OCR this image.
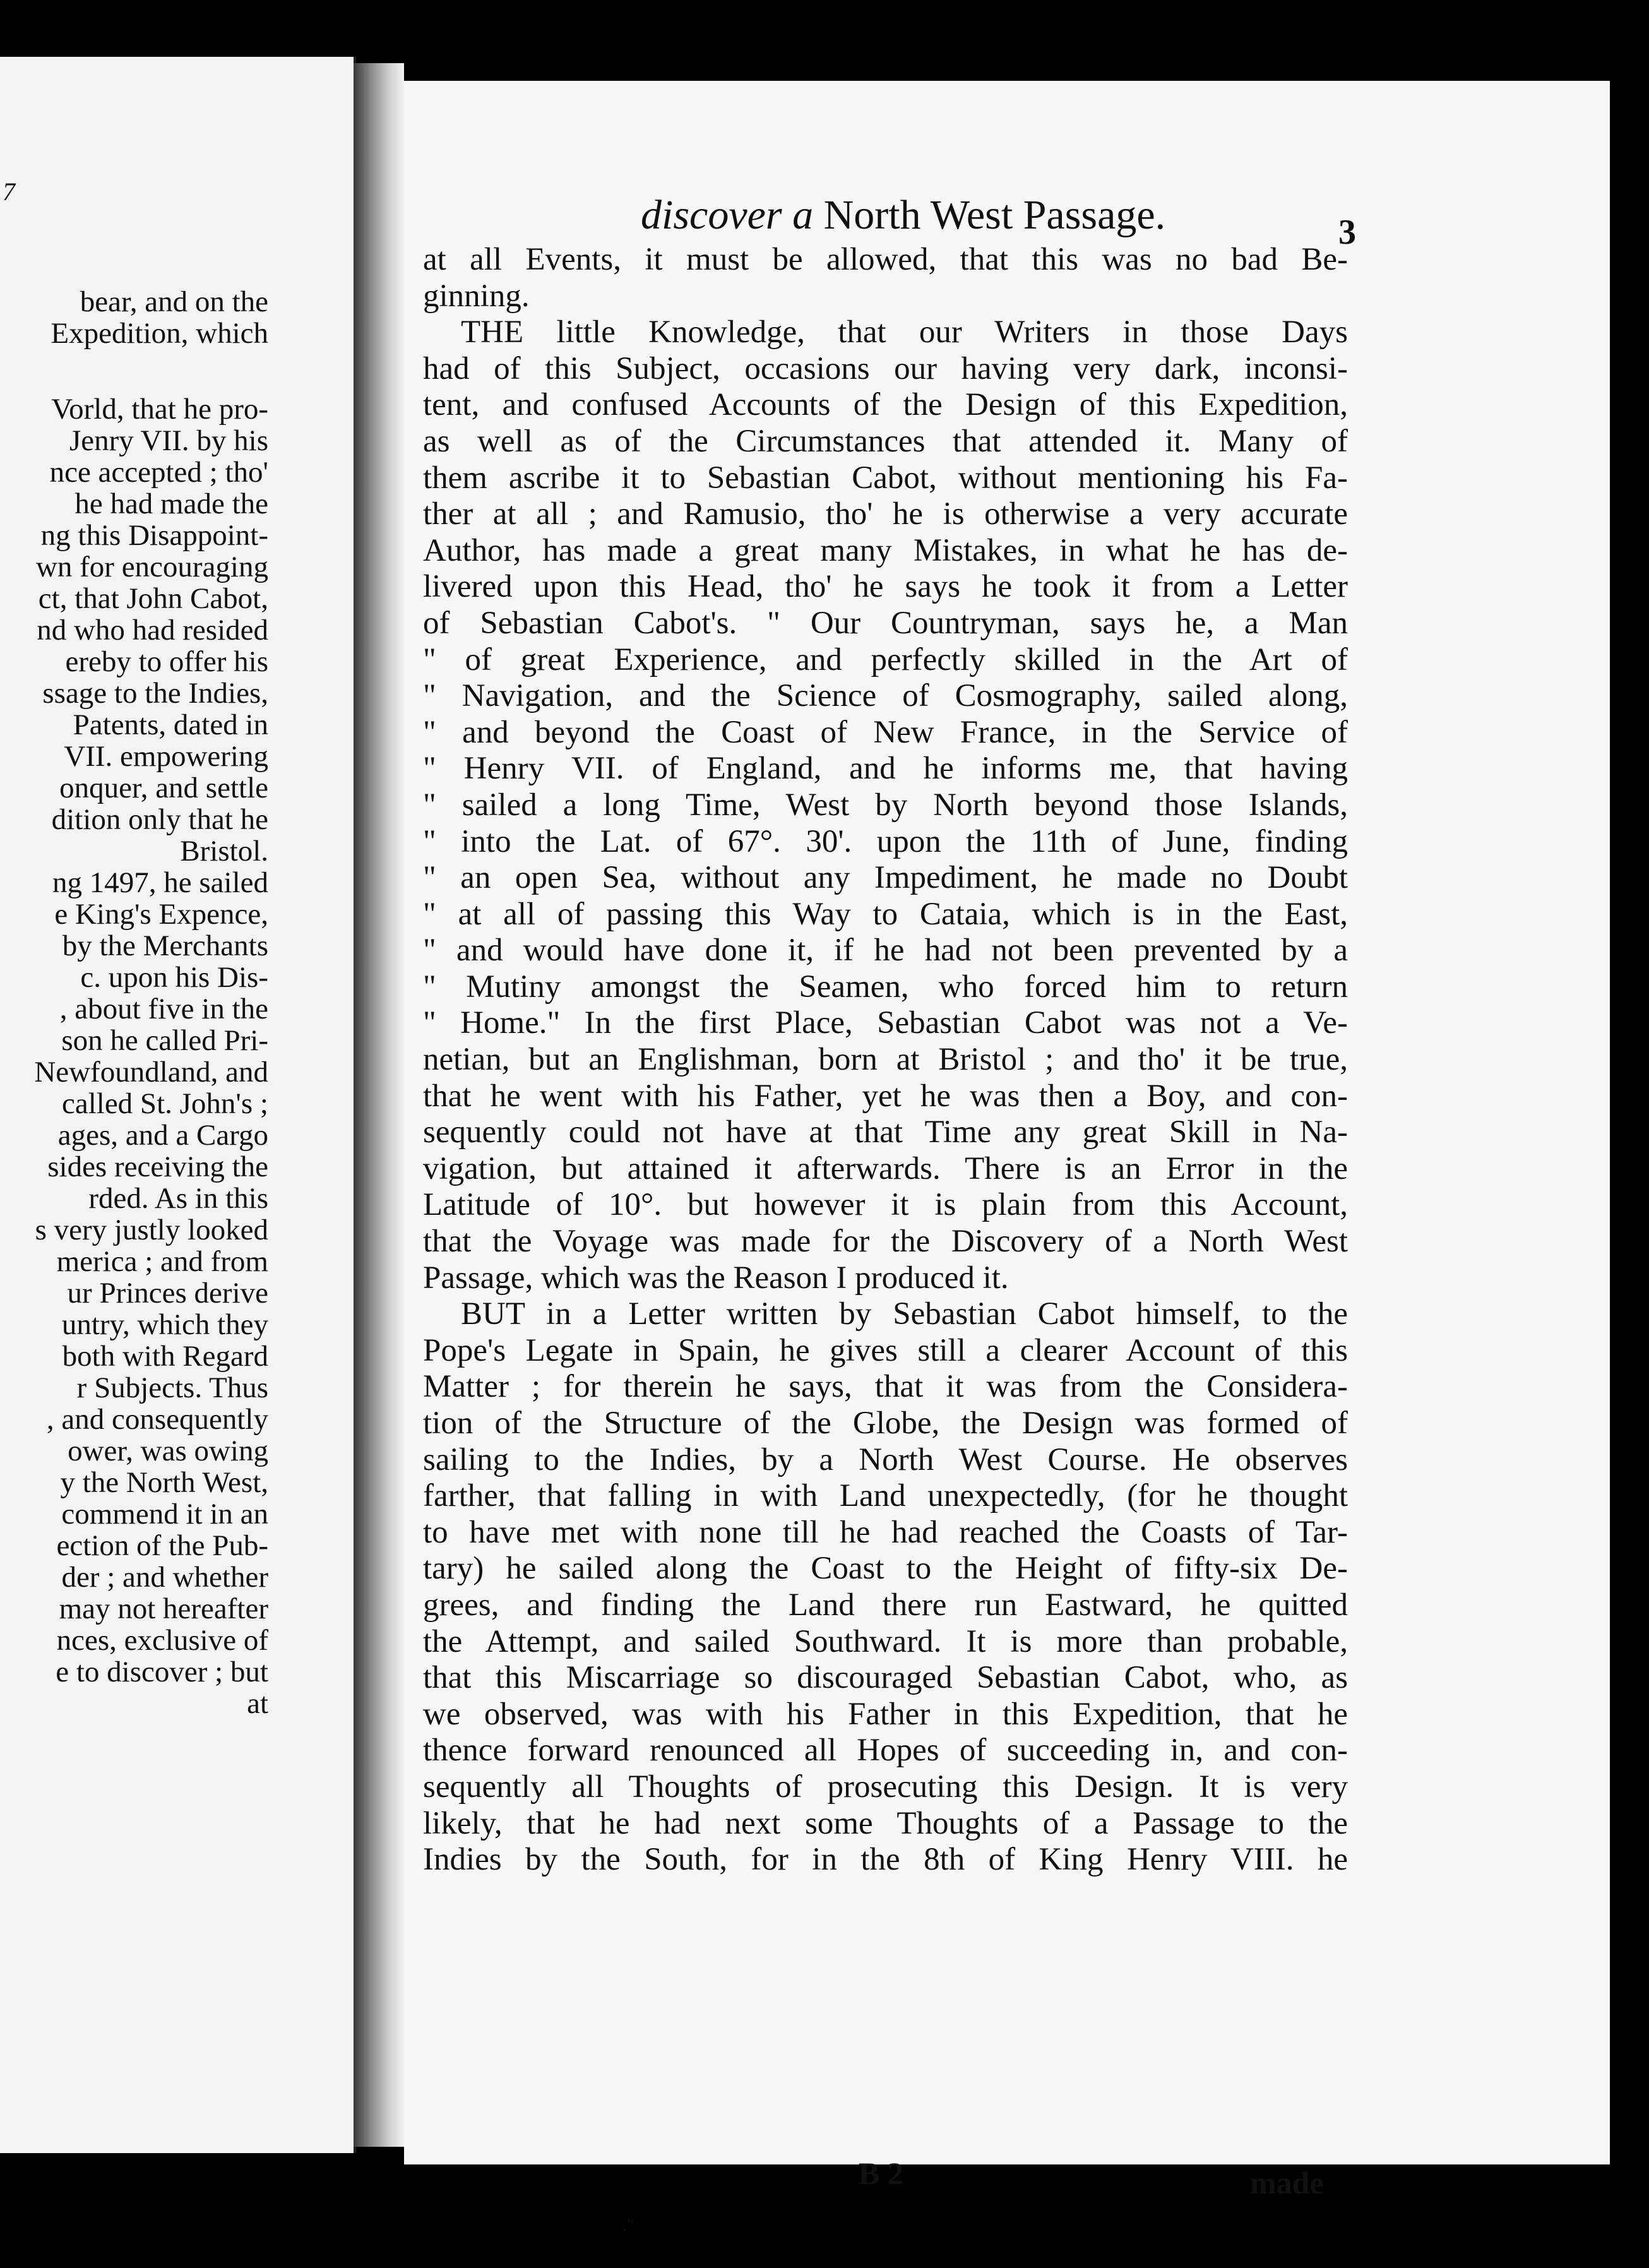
7
bear, and on the
Expedition, which
Vorld, that he pro-
Jenry VII. by his
nce accepted ; tho'
he had made the
ng this Disappoint-
wn for encouraging
ct, that John Cabot,
nd who had resided
ereby to offer his
ssage to the Indies,
Patents, dated in
VII. empowering
onquer, and settle
dition only that he
Bristol.
ng 1497, he sailed
e King's Expence,
by the Merchants
c. upon his Dis-
, about five in the
son he called Pri-
Newfoundland, and
called St. John's ;
ages, and a Cargo
sides receiving the
rded. As in this
s very justly looked
merica ; and from
ur Princes derive
untry, which they
both with Regard
r Subjects. Thus
, and consequently
ower, was owing
y the North West,
commend it in an
ection of the Pub-
der ; and whether
may not hereafter
nces, exclusive of
e to discover ; but
at
discover a North West Passage.	3
at all Events, it must be allowed, that this was no bad Be-
ginning.
THE little Knowledge, that our Writers in those Days
had of this Subject, occasions our having very dark, inconsi-
tent, and confused Accounts of the Design of this Expedition,
as well as of the Circumstances that attended it. Many of
them ascribe it to Sebastian Cabot, without mentioning his Fa-
ther at all ; and Ramusio, tho' he is otherwise a very accurate
Author, has made a great many Mistakes, in what he has de-
livered upon this Head, tho' he says he took it from a Letter
of Sebastian Cabot's. " Our Countryman, says he, a Man
" of great Experience, and perfectly skilled in the Art of
" Navigation, and the Science of Cosmography, sailed along,
" and beyond the Coast of New France, in the Service of
" Henry VII. of England, and he informs me, that having
" sailed a long Time, West by North beyond those Islands,
" into the Lat. of 67°. 30'. upon the 11th of June, finding
" an open Sea, without any Impediment, he made no Doubt
" at all of passing this Way to Cataia, which is in the East,
" and would have done it, if he had not been prevented by a
" Mutiny amongst the Seamen, who forced him to return
" Home." In the first Place, Sebastian Cabot was not a Ve-
netian, but an Englishman, born at Bristol ; and tho' it be true,
that he went with his Father, yet he was then a Boy, and con-
sequently could not have at that Time any great Skill in Na-
vigation, but attained it afterwards. There is an Error in the
Latitude of 10°. but however it is plain from this Account,
that the Voyage was made for the Discovery of a North West
Passage, which was the Reason I produced it.
BUT in a Letter written by Sebastian Cabot himself, to the
Pope's Legate in Spain, he gives still a clearer Account of this
Matter ; for therein he says, that it was from the Considera-
tion of the Structure of the Globe, the Design was formed of
sailing to the Indies, by a North West Course. He observes
farther, that falling in with Land unexpectedly, (for he thought
to have met with none till he had reached the Coasts of Tar-
tary) he sailed along the Coast to the Height of fifty-six De-
grees, and finding the Land there run Eastward, he quitted
the Attempt, and sailed Southward. It is more than probable,
that this Miscarriage so discouraged Sebastian Cabot, who, as
we observed, was with his Father in this Expedition, that he
thence forward renounced all Hopes of succeeding in, and con-
sequently all Thoughts of prosecuting this Design. It is very
likely, that he had next some Thoughts of a Passage to the
Indies by the South, for in the 8th of King Henry VIII. he
B 2	made
."
